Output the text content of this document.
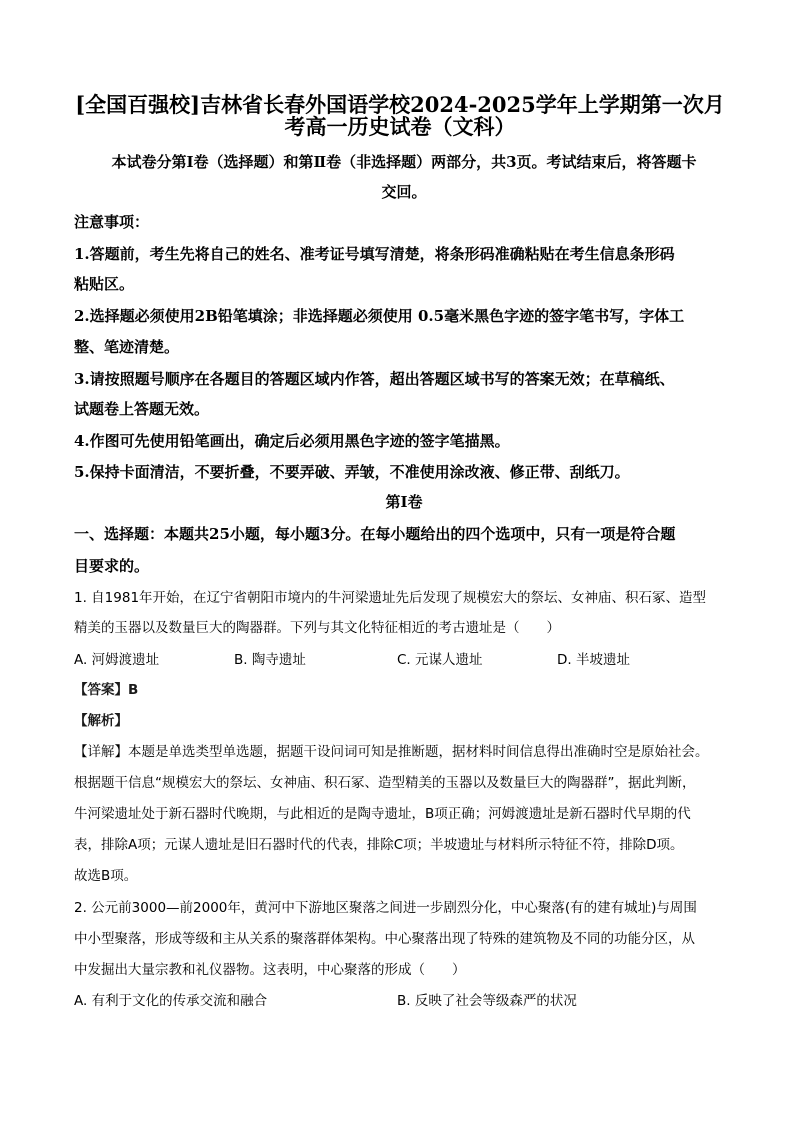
[全国百强校]吉林省长春外国语学校2024-2025学年上学期第一次月
考高一历史试卷（文科）
本试卷分第Ⅰ卷（选择题）和第Ⅱ卷（非选择题）两部分，共3页。考试结束后，将答题卡
交回。
注意事项：
1.答题前，考生先将自己的姓名、准考证号填写清楚，将条形码准确粘贴在考生信息条形码
粘贴区。
2.选择题必须使用2B铅笔填涂；非选择题必须使用 0.5毫米黑色字迹的签字笔书写，字体工
整、笔迹清楚。
3.请按照题号顺序在各题目的答题区域内作答，超出答题区域书写的答案无效；在草稿纸、
试题卷上答题无效。
4.作图可先使用铅笔画出，确定后必须用黑色字迹的签字笔描黑。
5.保持卡面清洁，不要折叠，不要弄破、弄皱，不准使用涂改液、修正带、刮纸刀。
第Ⅰ卷
一、选择题：本题共25小题，每小题3分。在每小题给出的四个选项中，只有一项是符合题
目要求的。
1. 自1981年开始，在辽宁省朝阳市境内的牛河梁遗址先后发现了规模宏大的祭坛、女神庙、积石冢、造型
精美的玉器以及数量巨大的陶器群。下列与其文化特征相近的考古遗址是（　　）
A. 河姆渡遗址	B. 陶寺遗址	C. 元谋人遗址	D. 半坡遗址
【答案】B
【解析】
【详解】本题是单选类型单选题，据题干设问词可知是推断题，据材料时间信息得出准确时空是原始社会。
根据题干信息“规模宏大的祭坛、女神庙、积石冢、造型精美的玉器以及数量巨大的陶器群”，据此判断，
牛河梁遗址处于新石器时代晚期，与此相近的是陶寺遗址，B项正确；河姆渡遗址是新石器时代早期的代
表，排除A项；元谋人遗址是旧石器时代的代表，排除C项；半坡遗址与材料所示特征不符，排除D项。
故选B项。
2. 公元前3000—前2000年，黄河中下游地区聚落之间进一步剧烈分化，中心聚落(有的建有城址)与周围
中小型聚落，形成等级和主从关系的聚落群体架构。中心聚落出现了特殊的建筑物及不同的功能分区，从
中发掘出大量宗教和礼仪器物。这表明，中心聚落的形成（　　）
A. 有利于文化的传承交流和融合	B. 反映了社会等级森严的状况
